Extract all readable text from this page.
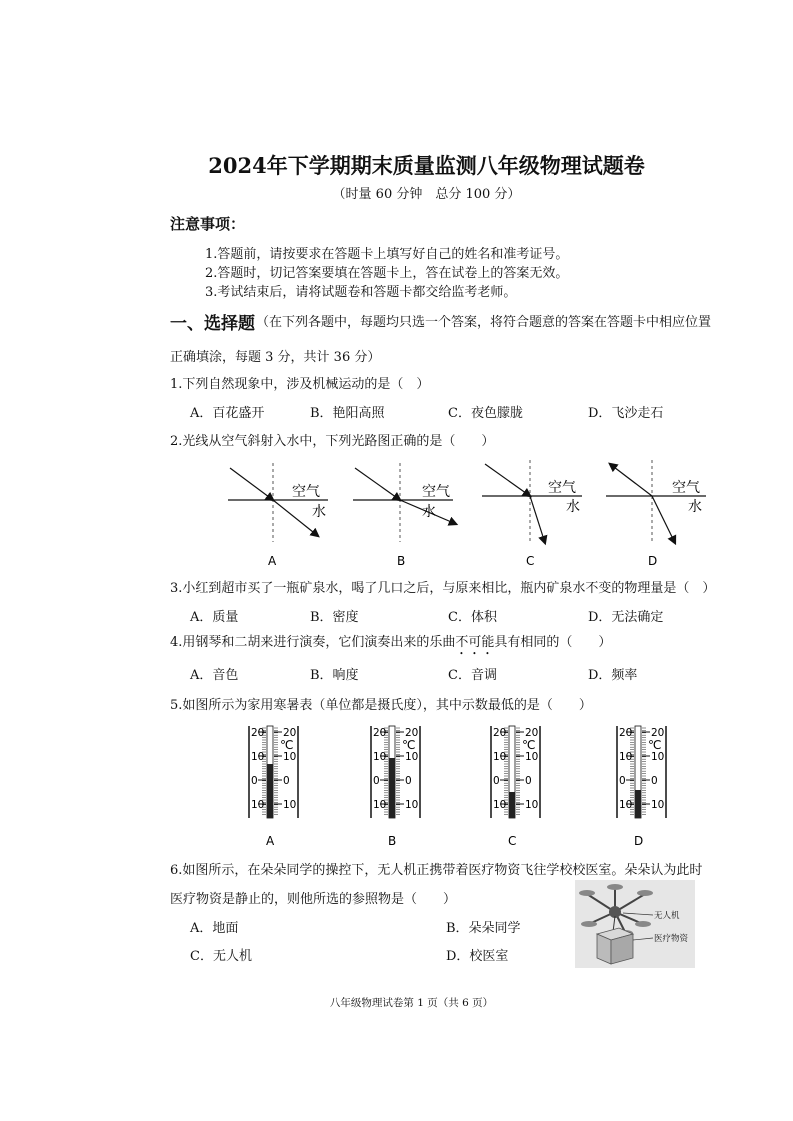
2024年下学期期末质量监测八年级物理试题卷
（时量 60 分钟　总分 100 分）
注意事项：
1.答题前，请按要求在答题卡上填写好自己的姓名和准考证号。
2.答题时，切记答案要填在答题卡上，答在试卷上的答案无效。
3.考试结束后，请将试题卷和答题卡都交给监考老师。
一、选择题 （在下列各题中，每题均只选一个答案，将符合题意的答案在答题卡中相应位置
正确填涂，每题 3 分，共计 36 分）
1.下列自然现象中，涉及机械运动的是（　）
A．百花盛开	B．艳阳高照	C．夜色朦胧	D．飞沙走石
2.光线从空气斜射入水中，下列光路图正确的是（　　）
空气
水
A
空气
水
B
空气
水
C
空气
水
D
3.小红到超市买了一瓶矿泉水，喝了几口之后，与原来相比，瓶内矿泉水不变的物理量是（　）
A．质量	B．密度	C．体积	D．无法确定
4.用钢琴和二胡来进行演奏，它们演奏出来的乐曲不可能具有相同的（　　）
A．音色	B．响度	C．音调	D．频率
5.如图所示为家用寒暑表（单位都是摄氏度），其中示数最低的是（　　）
20 20
10 10
0 0
10 10
℃
A
20 20
10 10
0 0
10 10
℃
B
20 20
10 10
0 0
10 10
℃
C
20 20
10 10
0 0
10 10
℃
D
6.如图所示，在朵朵同学的操控下，无人机正携带着医疗物资飞往学校校医室。朵朵认为此时
医疗物资是静止的，则他所选的参照物是（　　）
A．地面	B．朵朵同学
C．无人机	D．校医室
无人机
医疗物资
八年级物理试卷第 1 页（共 6 页）
